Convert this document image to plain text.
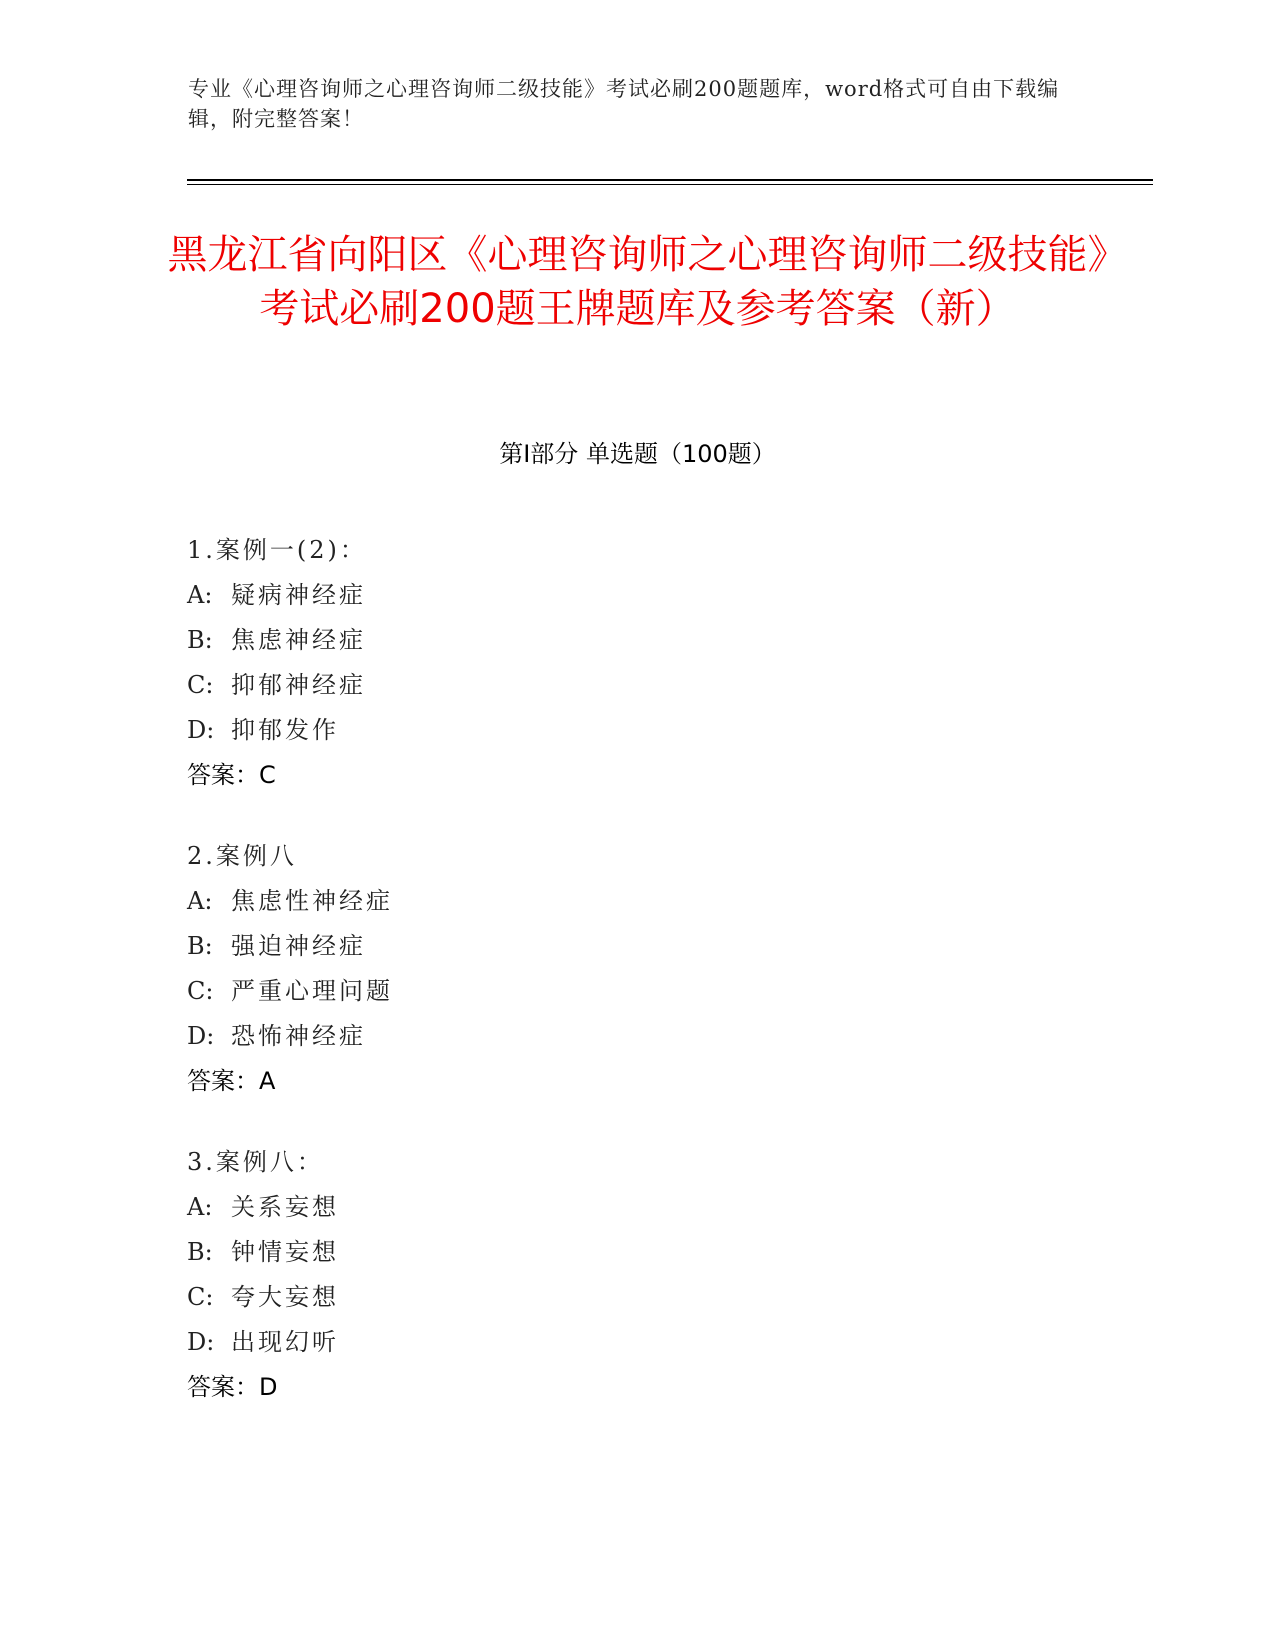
专业《心理咨询师之心理咨询师二级技能》考试必刷200题题库，word格式可自由下载编辑，附完整答案！
黑龙江省向阳区《心理咨询师之心理咨询师二级技能》考试必刷200题王牌题库及参考答案（新）
第Ⅰ部分 单选题（100题）
1.案例一(2)：
A: 疑病神经症
B: 焦虑神经症
C: 抑郁神经症
D: 抑郁发作
答案：C
2.案例八
A: 焦虑性神经症
B: 强迫神经症
C: 严重心理问题
D: 恐怖神经症
答案：A
3.案例八：
A: 关系妄想
B: 钟情妄想
C: 夸大妄想
D: 出现幻听
答案：D
